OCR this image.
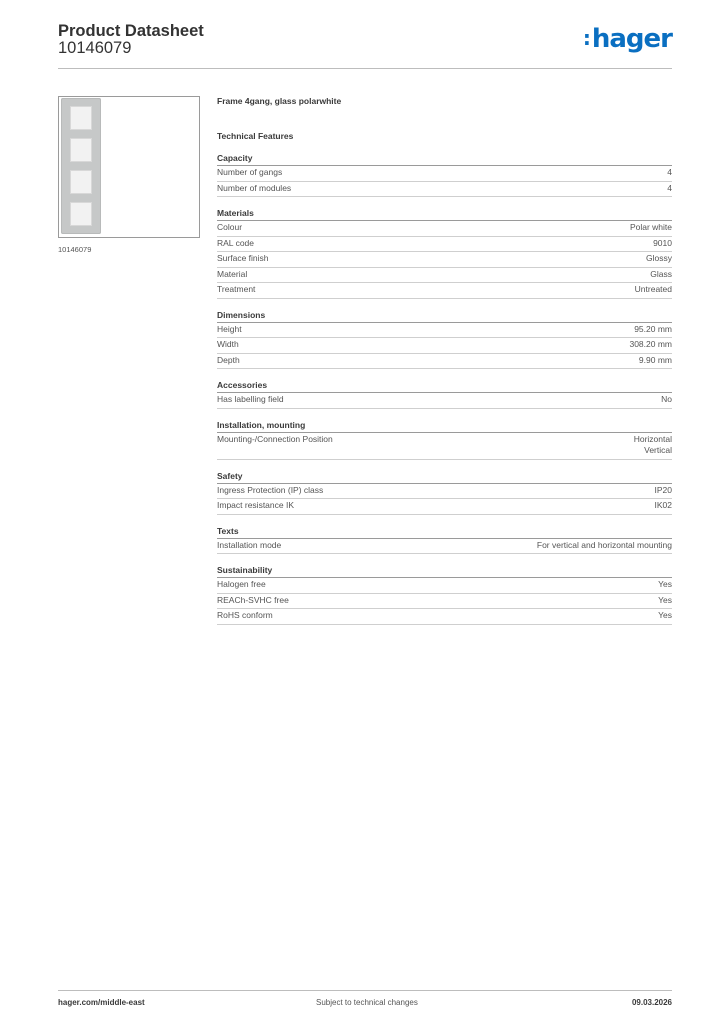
Product Datasheet
10146079	:hager
10146079
Frame 4gang, glass polarwhite
Technical Features
Capacity
Number of gangs	4
Number of modules	4
Materials
Colour	Polar white
RAL code	9010
Surface finish	Glossy
Material	Glass
Treatment	Untreated
Dimensions
Height	95.20 mm
Width	308.20 mm
Depth	9.90 mm
Accessories
Has labelling field	No
Installation, mounting
Mounting-/Connection Position	Horizontal
Vertical
Safety
Ingress Protection (IP) class	IP20
Impact resistance IK	IK02
Texts
Installation mode	For vertical and horizontal mounting
Sustainability
Halogen free	Yes
REACh-SVHC free	Yes
RoHS conform	Yes
hager.com/middle-east	Subject to technical changes	09.03.2026
